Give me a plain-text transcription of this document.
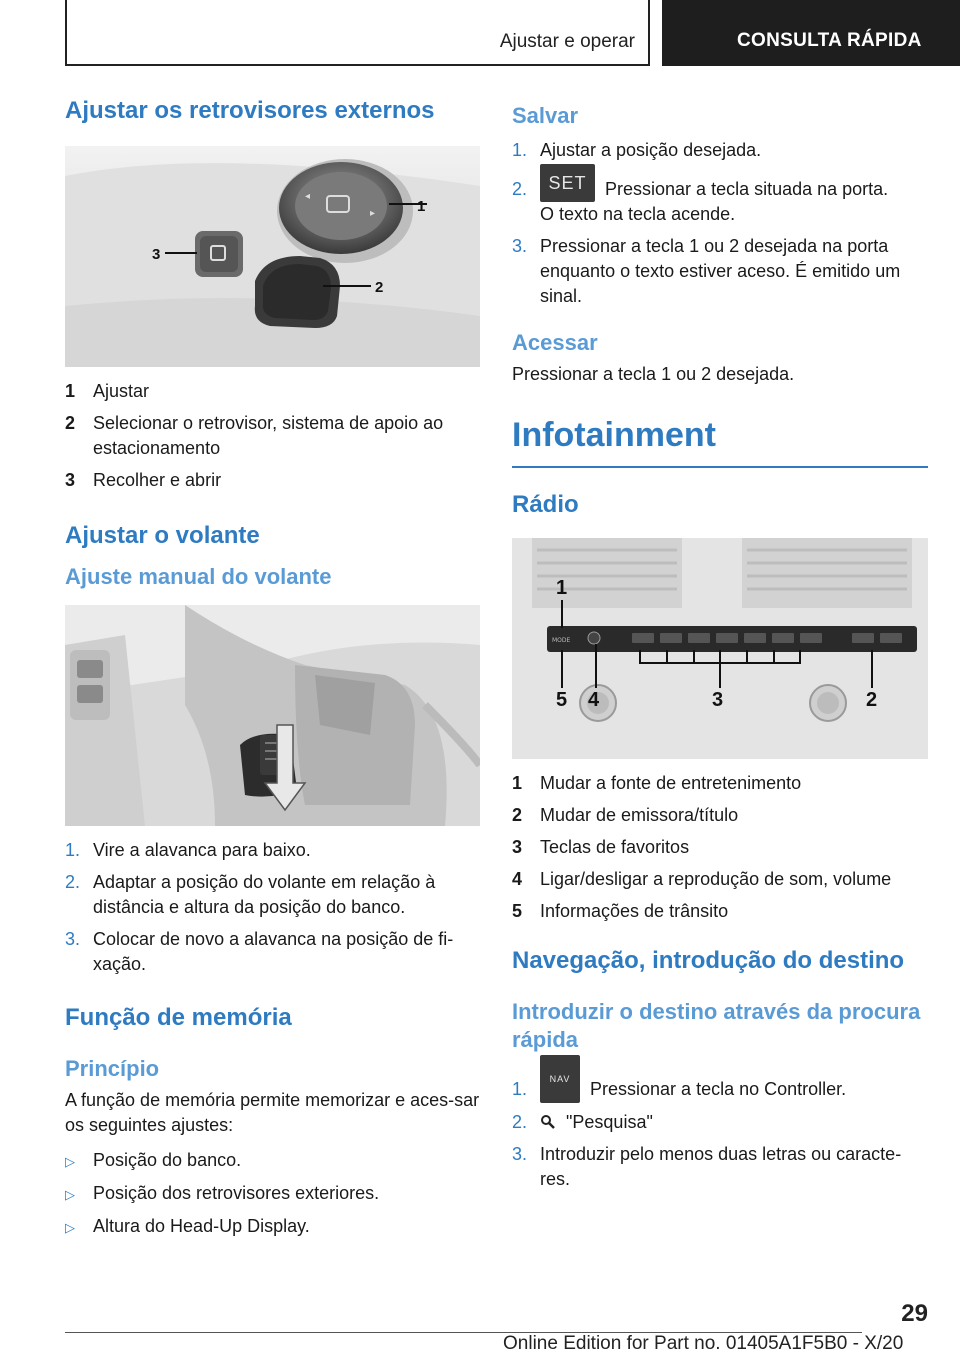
Ajustar e operar	CONSULTA RÁPIDA
Ajustar os retrovisores externos
◂
▸	1
2
3
1 Ajustar
2 Selecionar o retrovisor, sistema de apoio ao estacionamento
3 Recolher e abrir
Ajustar o volante
Ajuste manual do volante
1. Vire a alavanca para baixo.
2. Adaptar a posição do volante em relação à distância e altura da posição do banco.
3. Colocar de novo a alavanca na posição de fi-xação.
Função de memória
Princípio
A função de memória permite memorizar e aces-sar os seguintes ajustes:
▷	Posição do banco.
▷	Posição dos retrovisores exteriores.
▷	Altura do Head-Up Display.
Salvar
1. Ajustar a posição desejada.
2.	SET Pressionar a tecla situada na porta.
O texto na tecla acende.
3. Pressionar a tecla 1 ou 2 desejada na porta enquanto o texto estiver aceso. É emitido um sinal.
Acessar
Pressionar a tecla 1 ou 2 desejada.
Infotainment
Rádio
MODE
1
5 4	3	2
1 Mudar a fonte de entretenimento
2 Mudar de emissora/título
3 Teclas de favoritos
4 Ligar/desligar a reprodução de som, volume
5 Informações de trânsito
Navegação, introdução do destino
Introduzir o destino através da procura rápida
1.	NAV Pressionar a tecla no Controller.
2.	"Pesquisa"
3. Introduzir pelo menos duas letras ou caracte-res.
29
Online Edition for Part no. 01405A1F5B0 - X/20
